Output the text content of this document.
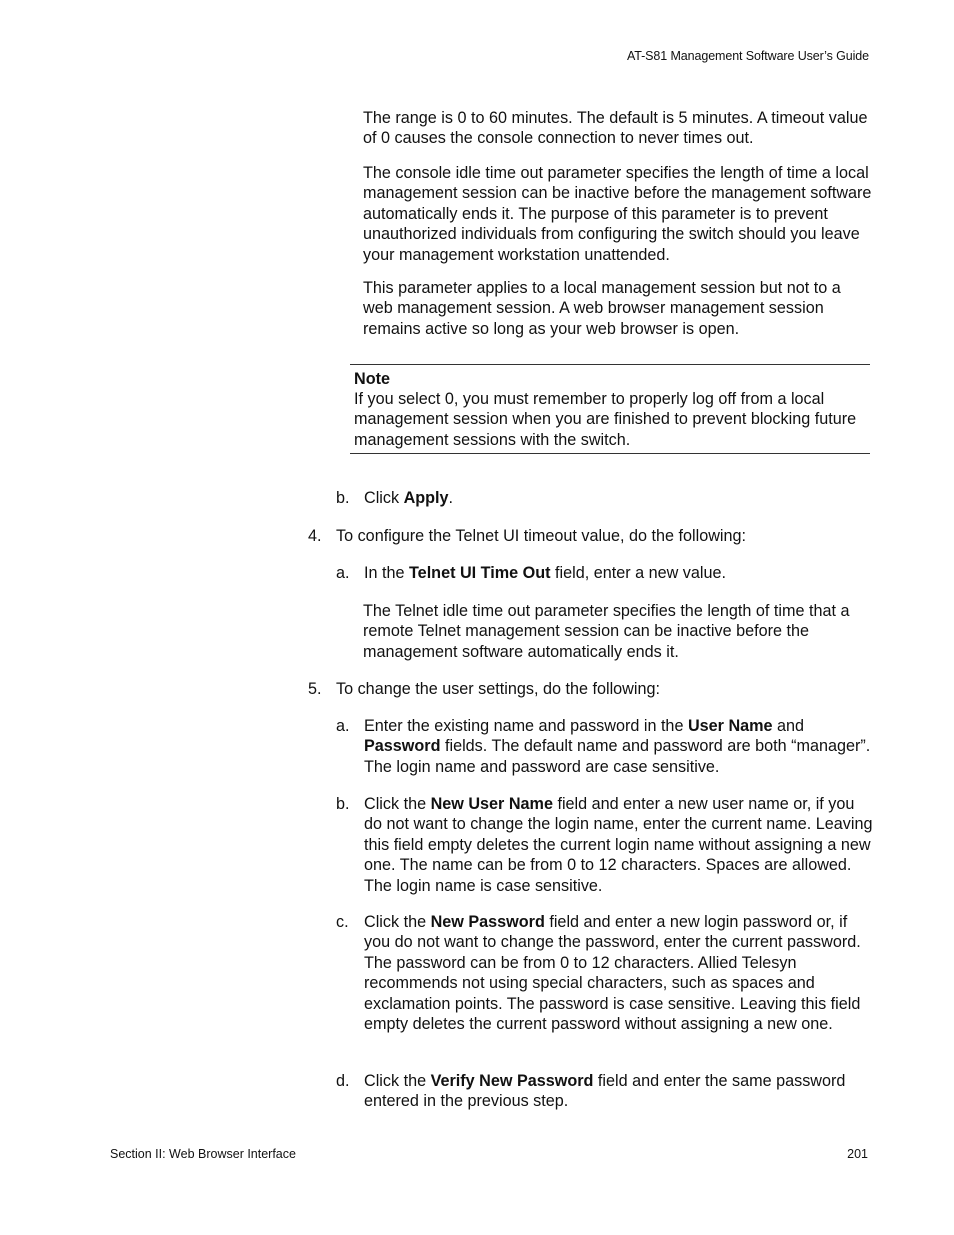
AT-S81 Management Software User’s Guide

The range is 0 to 60 minutes. The default is 5 minutes. A timeout value of 0 causes the console connection to never times out.

The console idle time out parameter specifies the length of time a local management session can be inactive before the management software automatically ends it. The purpose of this parameter is to prevent unauthorized individuals from configuring the switch should you leave your management workstation unattended.

This parameter applies to a local management session but not to a web management session. A web browser management session remains active so long as your web browser is open.

Note
If you select 0, you must remember to properly log off from a local management session when you are finished to prevent blocking future management sessions with the switch.
b. Click Apply.
4. To configure the Telnet UI timeout value, do the following:
a. In the Telnet UI Time Out field, enter a new value.

The Telnet idle time out parameter specifies the length of time that a remote Telnet management session can be inactive before the management software automatically ends it.

5. To change the user settings, do the following:
a. Enter the existing name and password in the User Name and Password fields. The default name and password are both “manager”. The login name and password are case sensitive.
b. Click the New User Name field and enter a new user name or, if you do not want to change the login name, enter the current name. Leaving this field empty deletes the current login name without assigning a new one. The name can be from 0 to 12 characters. Spaces are allowed. The login name is case sensitive.
c. Click the New Password field and enter a new login password or, if you do not want to change the password, enter the current password. The password can be from 0 to 12 characters. Allied Telesyn recommends not using special characters, such as spaces and exclamation points. The password is case sensitive. Leaving this field empty deletes the current password without assigning a new one.
d. Click the Verify New Password field and enter the same password entered in the previous step.
Section II: Web Browser Interface	201
